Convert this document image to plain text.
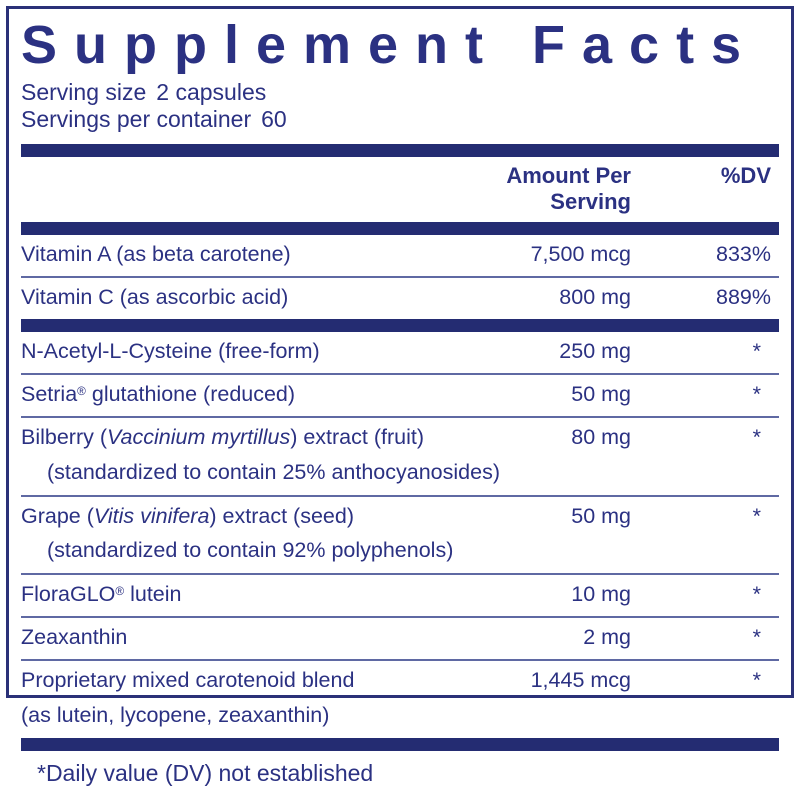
Supplement Facts
Serving size 2 capsules
Servings per container 60
Amount Per Serving
%DV
Vitamin A (as beta carotene)	7,500 mcg	833%
Vitamin C (as ascorbic acid)	800 mg	889%
N-Acetyl-L-Cysteine (free-form)	250 mg	*
Setria® glutathione (reduced)	50 mg	*
Bilberry (Vaccinium myrtillus) extract (fruit)	80 mg	*
(standardized to contain 25% anthocyanosides)
Grape (Vitis vinifera) extract (seed)	50 mg	*
(standardized to contain 92% polyphenols)
FloraGLO® lutein	10 mg	*
Zeaxanthin	2 mg	*
Proprietary mixed carotenoid blend	1,445 mcg	*
(as lutein, lycopene, zeaxanthin)
*Daily value (DV) not established
